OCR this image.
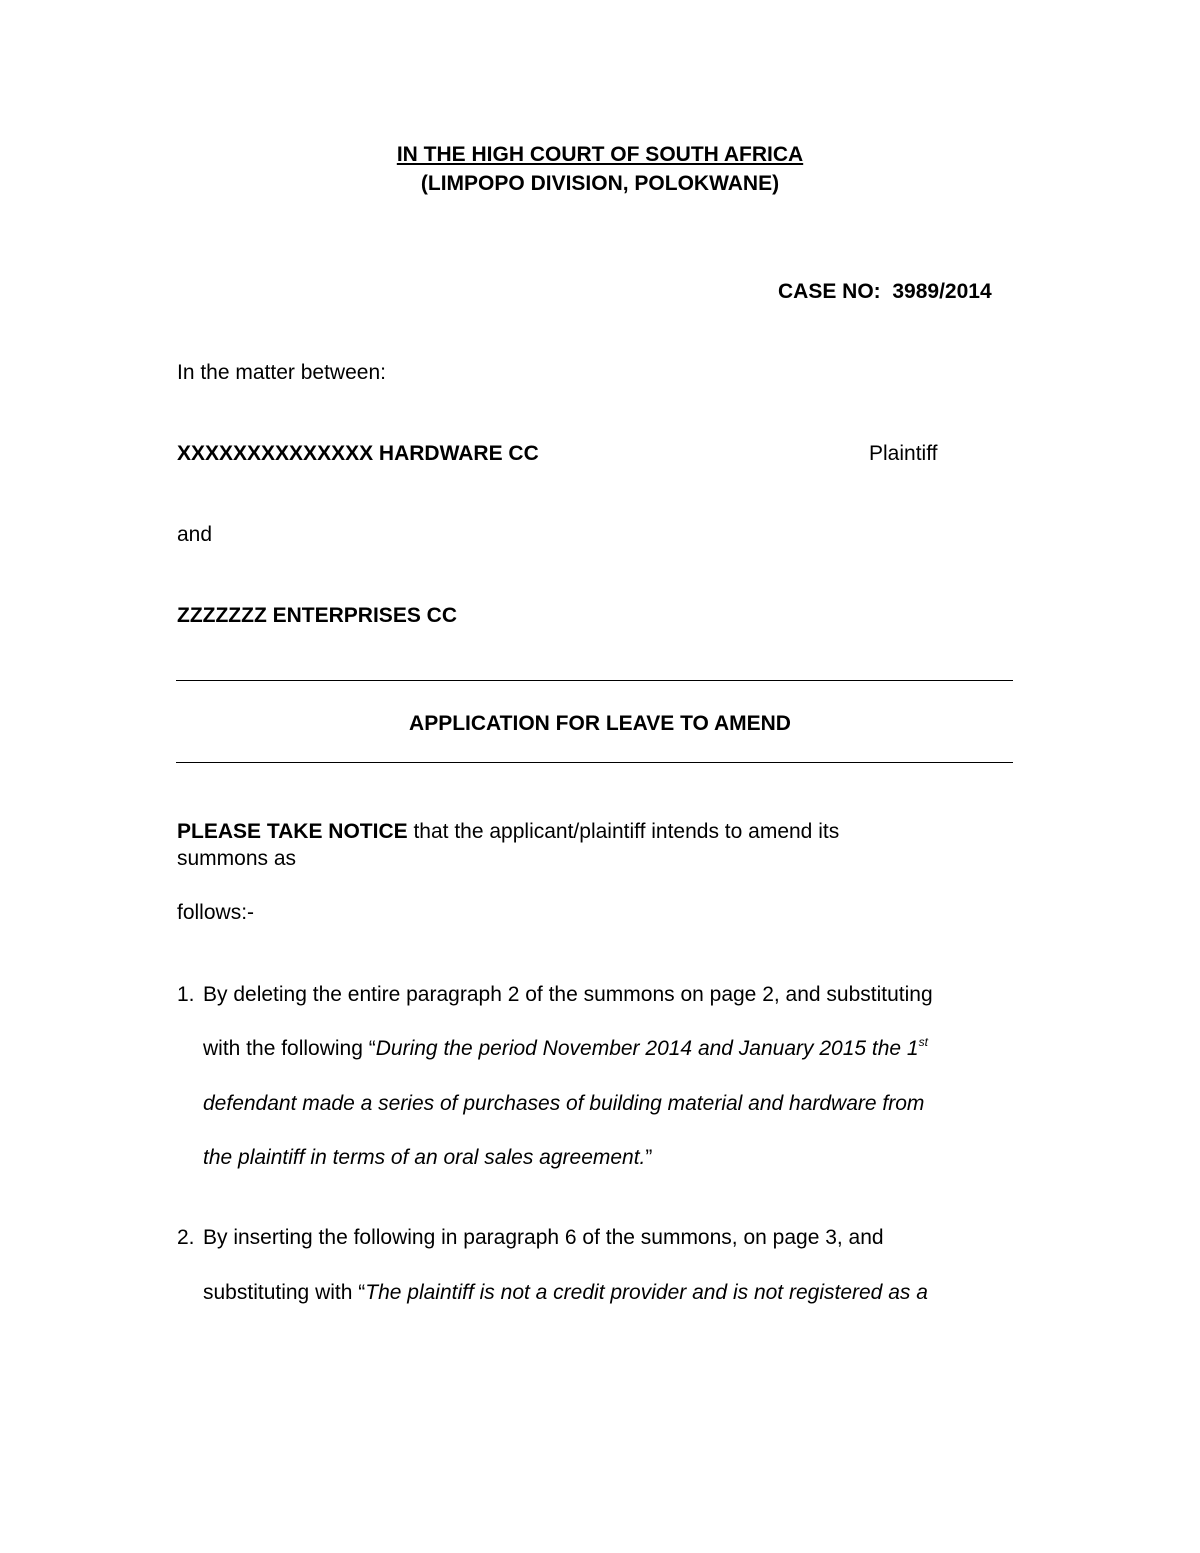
IN THE HIGH COURT OF SOUTH AFRICA
(LIMPOPO DIVISION, POLOKWANE)
CASE NO: 3989/2014
In the matter between:
XXXXXXXXXXXXXX HARDWARE CC	Plaintiff
and
ZZZZZZZ ENTERPRISES CC
APPLICATION FOR LEAVE TO AMEND
PLEASE TAKE NOTICE that the applicant/plaintiff intends to amend its
summons as
follows:-
1. By deleting the entire paragraph 2 of the summons on page 2, and substituting
with the following “During the period November 2014 and January 2015 the 1st
defendant made a series of purchases of building material and hardware from
the plaintiff in terms of an oral sales agreement.”
2. By inserting the following in paragraph 6 of the summons, on page 3, and
substituting with “The plaintiff is not a credit provider and is not registered as a
